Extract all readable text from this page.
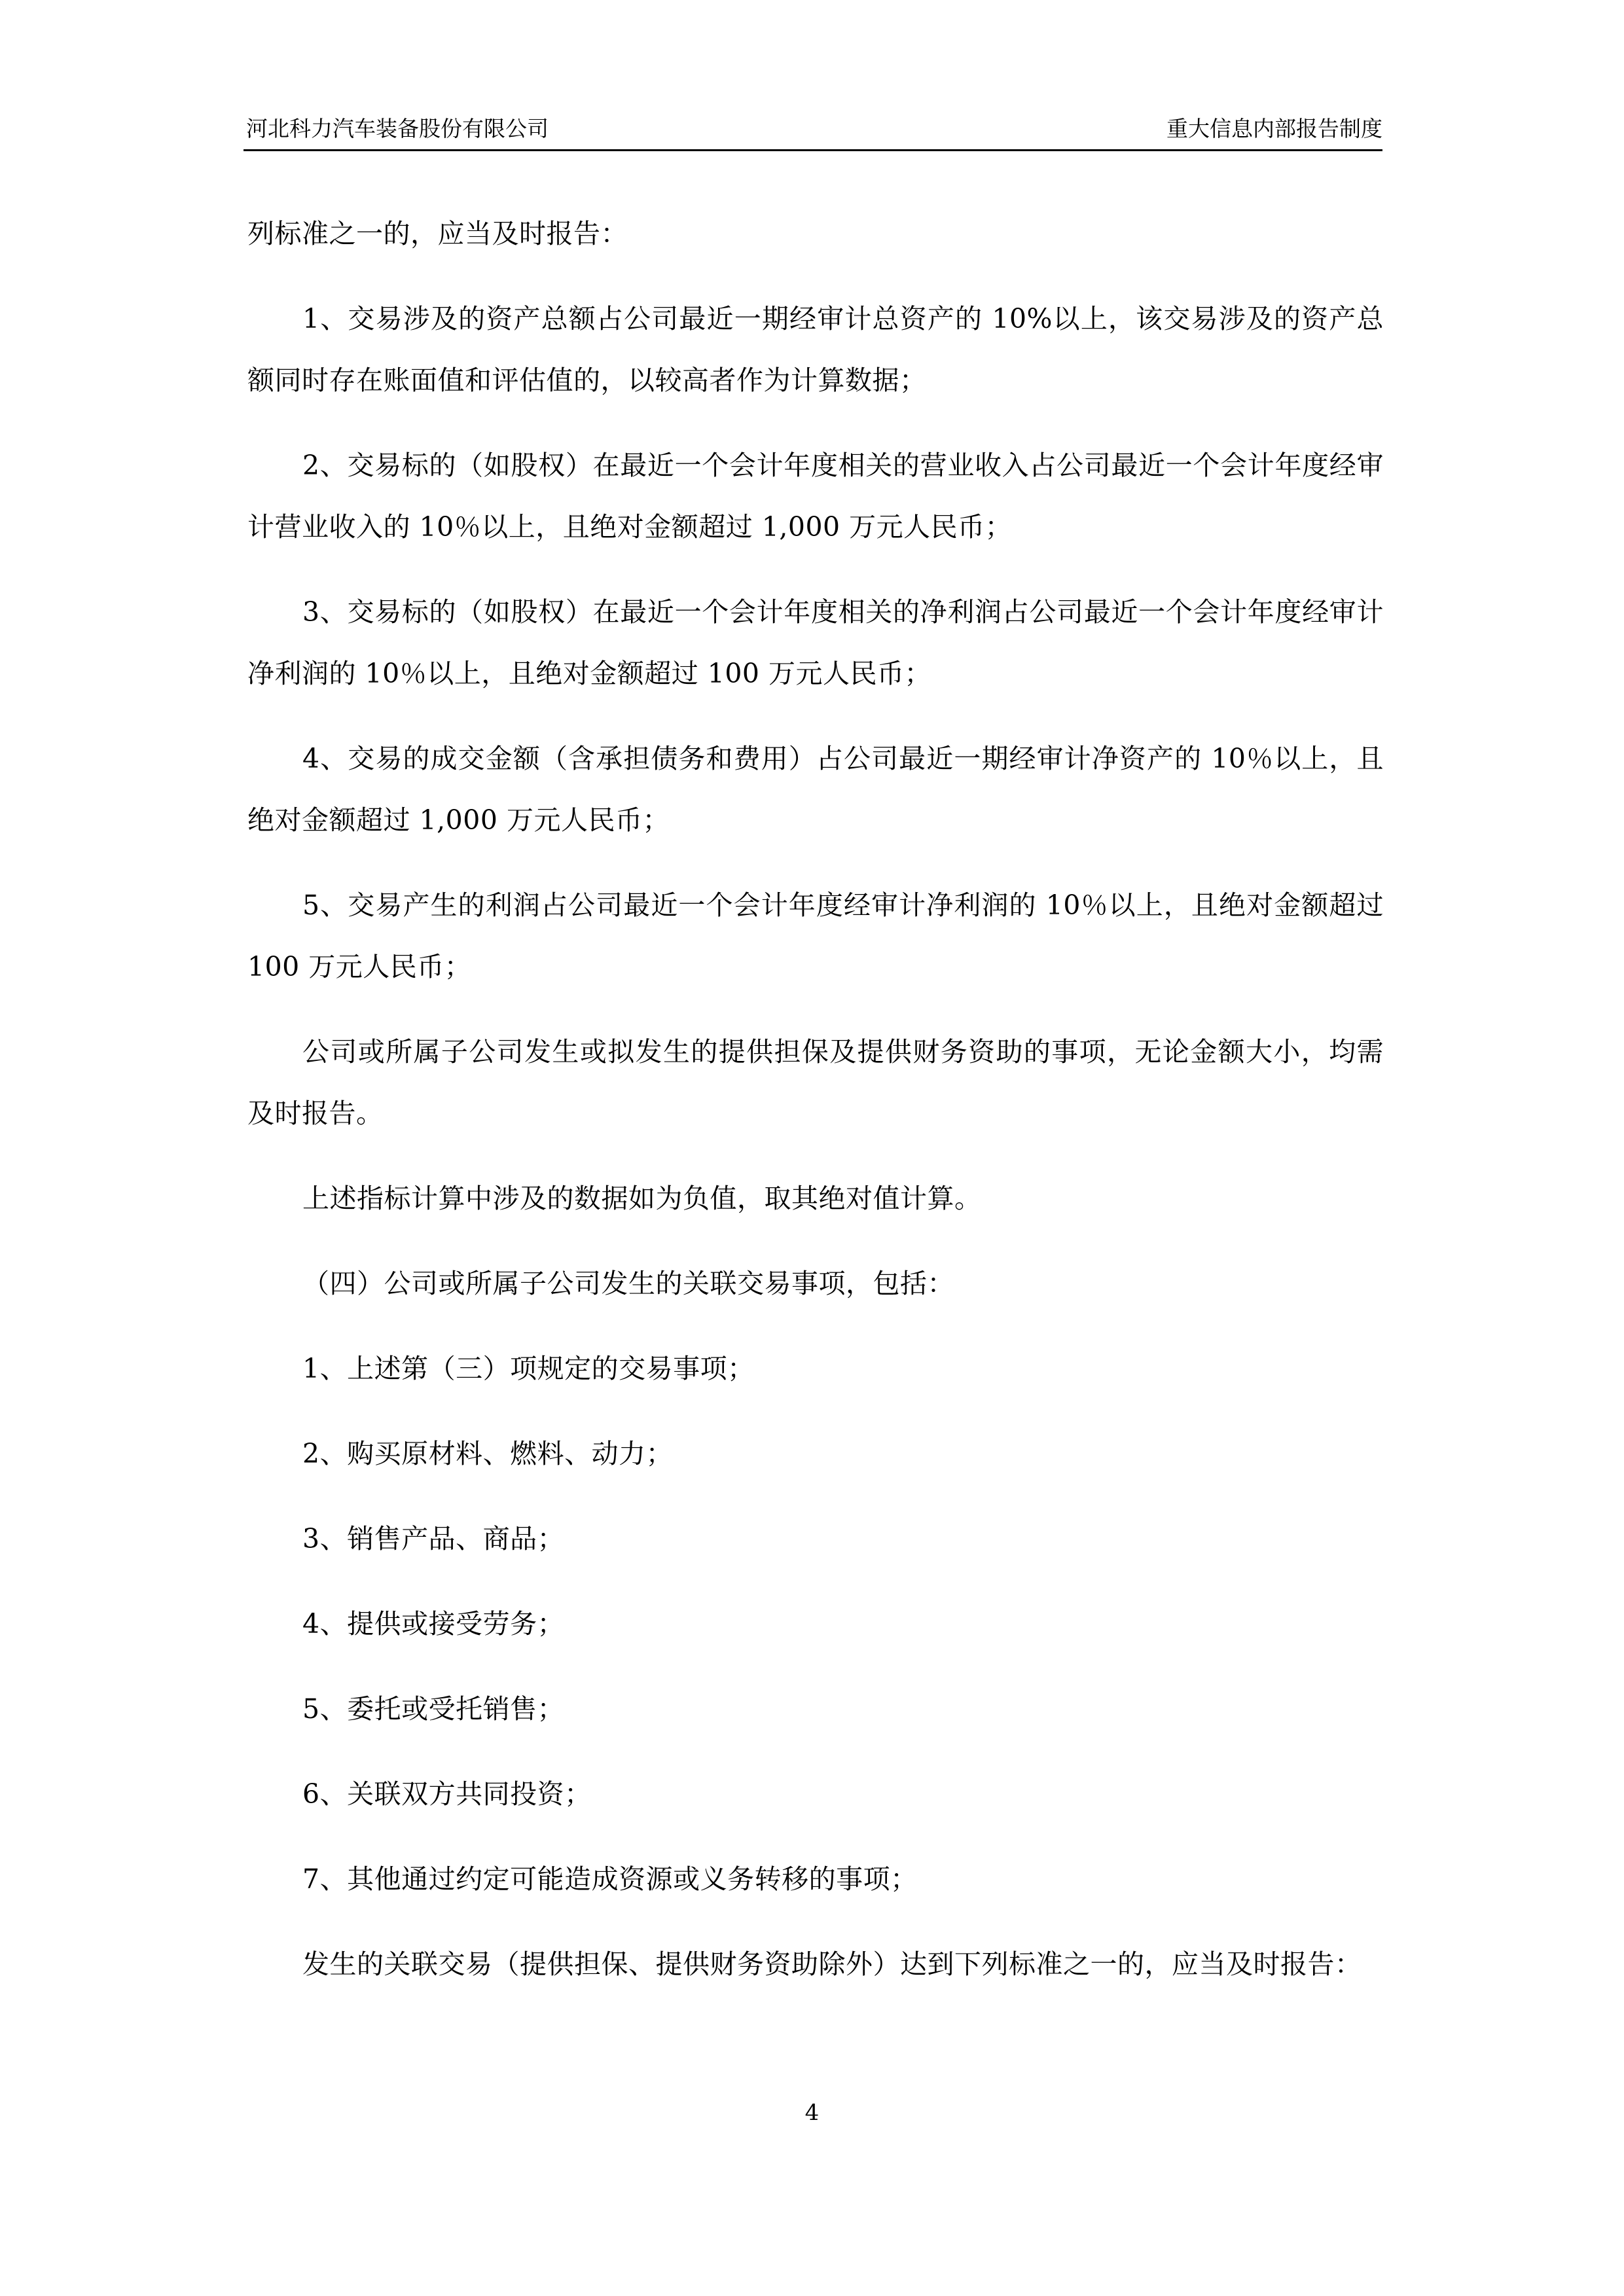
河北科力汽车装备股份有限公司	重大信息内部报告制度

列标准之一的，应当及时报告：

1、交易涉及的资产总额占公司最近一期经审计总资产的 10%以上，该交易涉及的资产总额同时存在账面值和评估值的，以较高者作为计算数据；

2、交易标的（如股权）在最近一个会计年度相关的营业收入占公司最近一个会计年度经审计营业收入的 10％以上，且绝对金额超过 1,000 万元人民币；

3、交易标的（如股权）在最近一个会计年度相关的净利润占公司最近一个会计年度经审计净利润的 10％以上，且绝对金额超过 100 万元人民币；

4、交易的成交金额（含承担债务和费用）占公司最近一期经审计净资产的 10％以上，且绝对金额超过 1,000 万元人民币；

5、交易产生的利润占公司最近一个会计年度经审计净利润的 10％以上，且绝对金额超过 100 万元人民币；

公司或所属子公司发生或拟发生的提供担保及提供财务资助的事项，无论金额大小，均需及时报告。

上述指标计算中涉及的数据如为负值，取其绝对值计算。

（四）公司或所属子公司发生的关联交易事项，包括：

1、上述第（三）项规定的交易事项；

2、购买原材料、燃料、动力；

3、销售产品、商品；

4、提供或接受劳务；

5、委托或受托销售；

6、关联双方共同投资；

7、其他通过约定可能造成资源或义务转移的事项；

发生的关联交易（提供担保、提供财务资助除外）达到下列标准之一的，应当及时报告：

4
